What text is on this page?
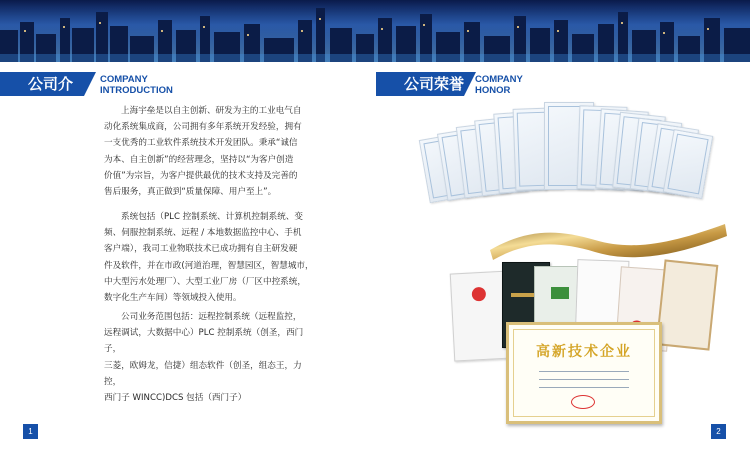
公司介绍
COMPANY
INTRODUCTION

上海宇垒是以自主创新、研发为主的工业电气自

动化系统集成商，公司拥有多年系统开发经验，拥有

一支优秀的工业软件系统技术开发团队。秉承“诚信

为本、自主创新”的经营理念，坚持以“为客户创造

价值”为宗旨，为客户提供最优的技术支持及完善的

售后服务，真正做到“质量保障、用户至上”。

系统包括（PLC 控制系统、计算机控制系统、变

频、伺服控制系统、远程 / 本地数据监控中心、手机

客户端），我司工业物联技术已成功拥有自主研发硬

件及软件，并在市政(河道治理，智慧园区，智慧城市，

中大型污水处理厂）、大型工业厂房（厂区中控系统，

数字化生产车间）等领域投入使用。

公司业务范围包括：远程控制系统（远程监控，

远程调试，大数据中心）PLC 控制系统（创圣，西门子，

三菱，欧姆龙，信捷）组态软件（创圣，组态王，力控，

西门子 WINCC)DCS 包括（西门子）

1
公司荣誉 COMPANY
HONOR
高新技术企业
2
